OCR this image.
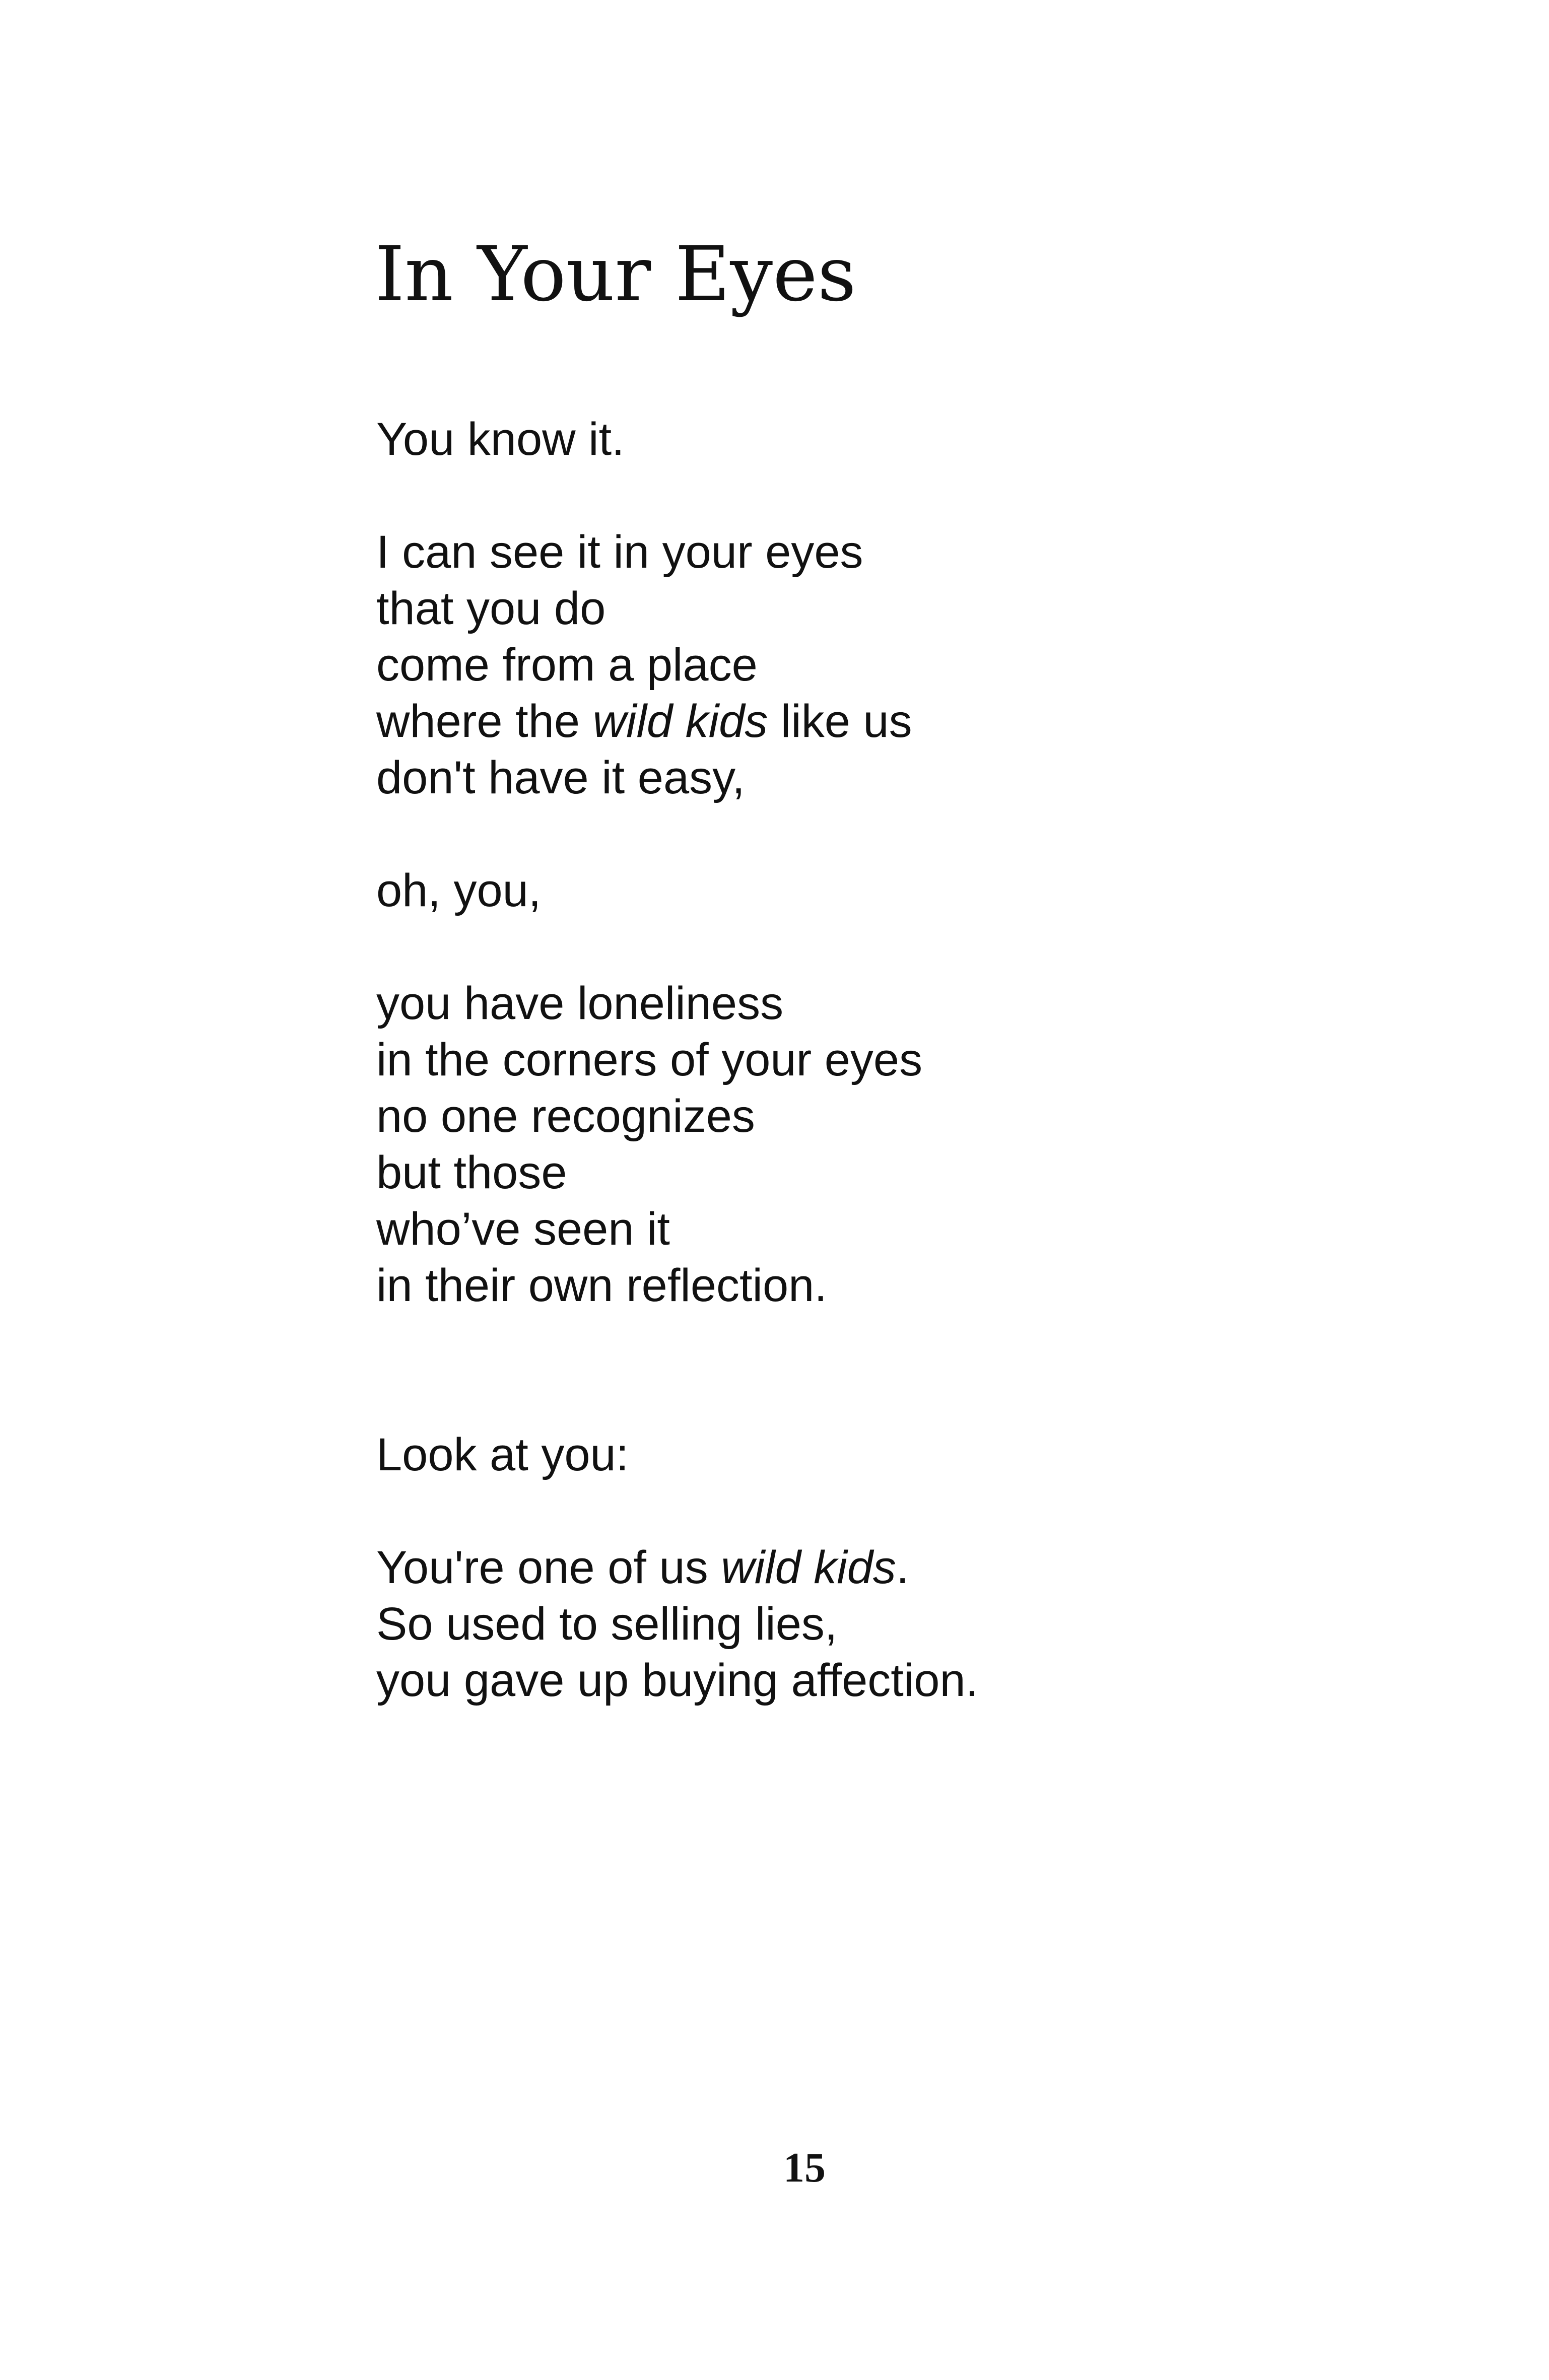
In Your Eyes

You know it.

I can see it in your eyes

that you do

come from a place

where the wild kids like us

don't have it easy,

oh, you,

you have loneliness

in the corners of your eyes

no one recognizes

but those

who’ve seen it

in their own reflection.

Look at you:

You're one of us wild kids.

So used to selling lies,

you gave up buying affection.

15
